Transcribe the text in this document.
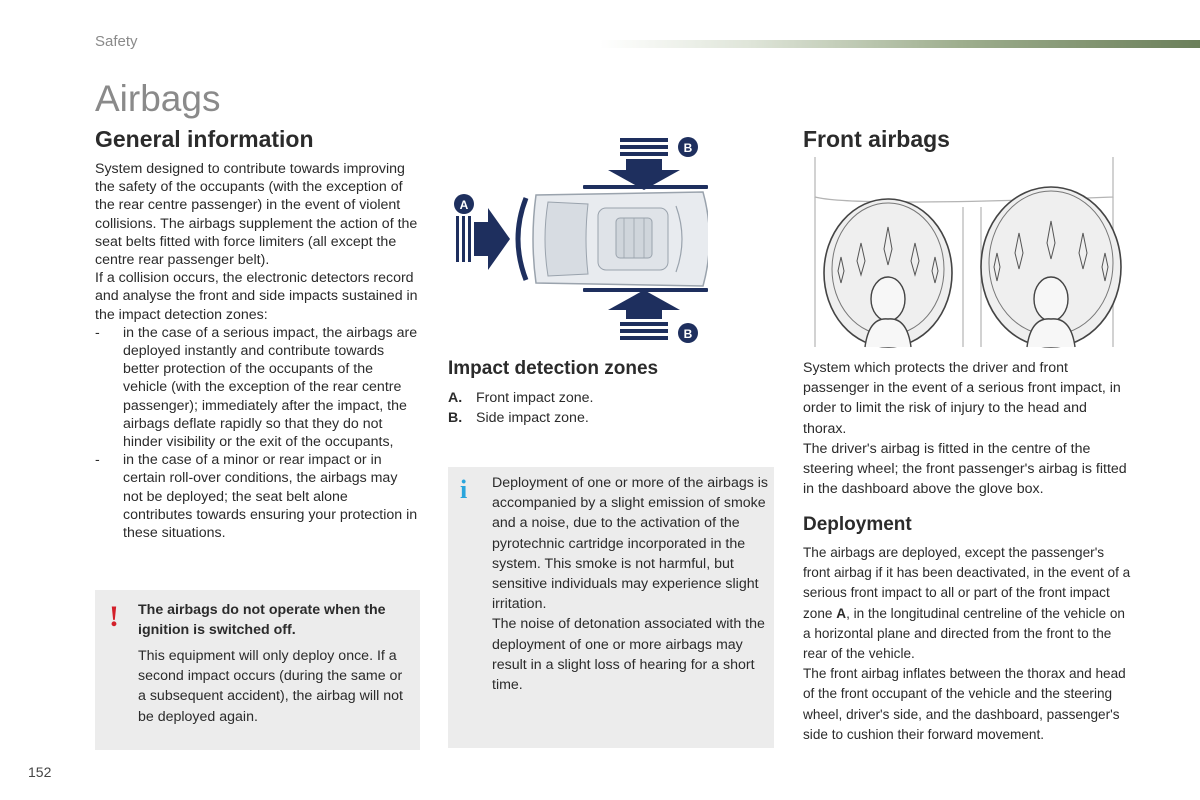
Safety
Airbags
General information
System designed to contribute towards improving the safety of the occupants (with the exception of the rear centre passenger) in the event of violent collisions. The airbags supplement the action of the seat belts fitted with force limiters (all except the centre rear passenger belt).
If a collision occurs, the electronic detectors record and analyse the front and side impacts sustained in the impact detection zones:
-	in the case of a serious impact, the airbags are deployed instantly and contribute towards better protection of the occupants of the vehicle (with the exception of the rear centre passenger); immediately after the impact, the airbags deflate rapidly so that they do not hinder visibility or the exit of the occupants,
-	in the case of a minor or rear impact or in certain roll-over conditions, the airbags may not be deployed; the seat belt alone contributes towards ensuring your protection in these situations.
! The airbags do not operate when the ignition is switched off.
This equipment will only deploy once. If a second impact occurs (during the same or a subsequent accident), the airbag will not be deployed again.
A
B
B
Impact detection zones
A. Front impact zone.
B. Side impact zone.
i Deployment of one or more of the airbags is accompanied by a slight emission of smoke and a noise, due to the activation of the pyrotechnic cartridge incorporated in the system. This smoke is not harmful, but sensitive individuals may experience slight irritation.
The noise of detonation associated with the deployment of one or more airbags may result in a slight loss of hearing for a short time.
Front airbags
System which protects the driver and front passenger in the event of a serious front impact, in order to limit the risk of injury to the head and thorax.
The driver's airbag is fitted in the centre of the steering wheel; the front passenger's airbag is fitted in the dashboard above the glove box.
Deployment
The airbags are deployed, except the passenger's front airbag if it has been deactivated, in the event of a serious front impact to all or part of the front impact zone A, in the longitudinal centreline of the vehicle on a horizontal plane and directed from the front to the rear of the vehicle.
The front airbag inflates between the thorax and head of the front occupant of the vehicle and the steering wheel, driver's side, and the dashboard, passenger's side to cushion their forward movement.
152
